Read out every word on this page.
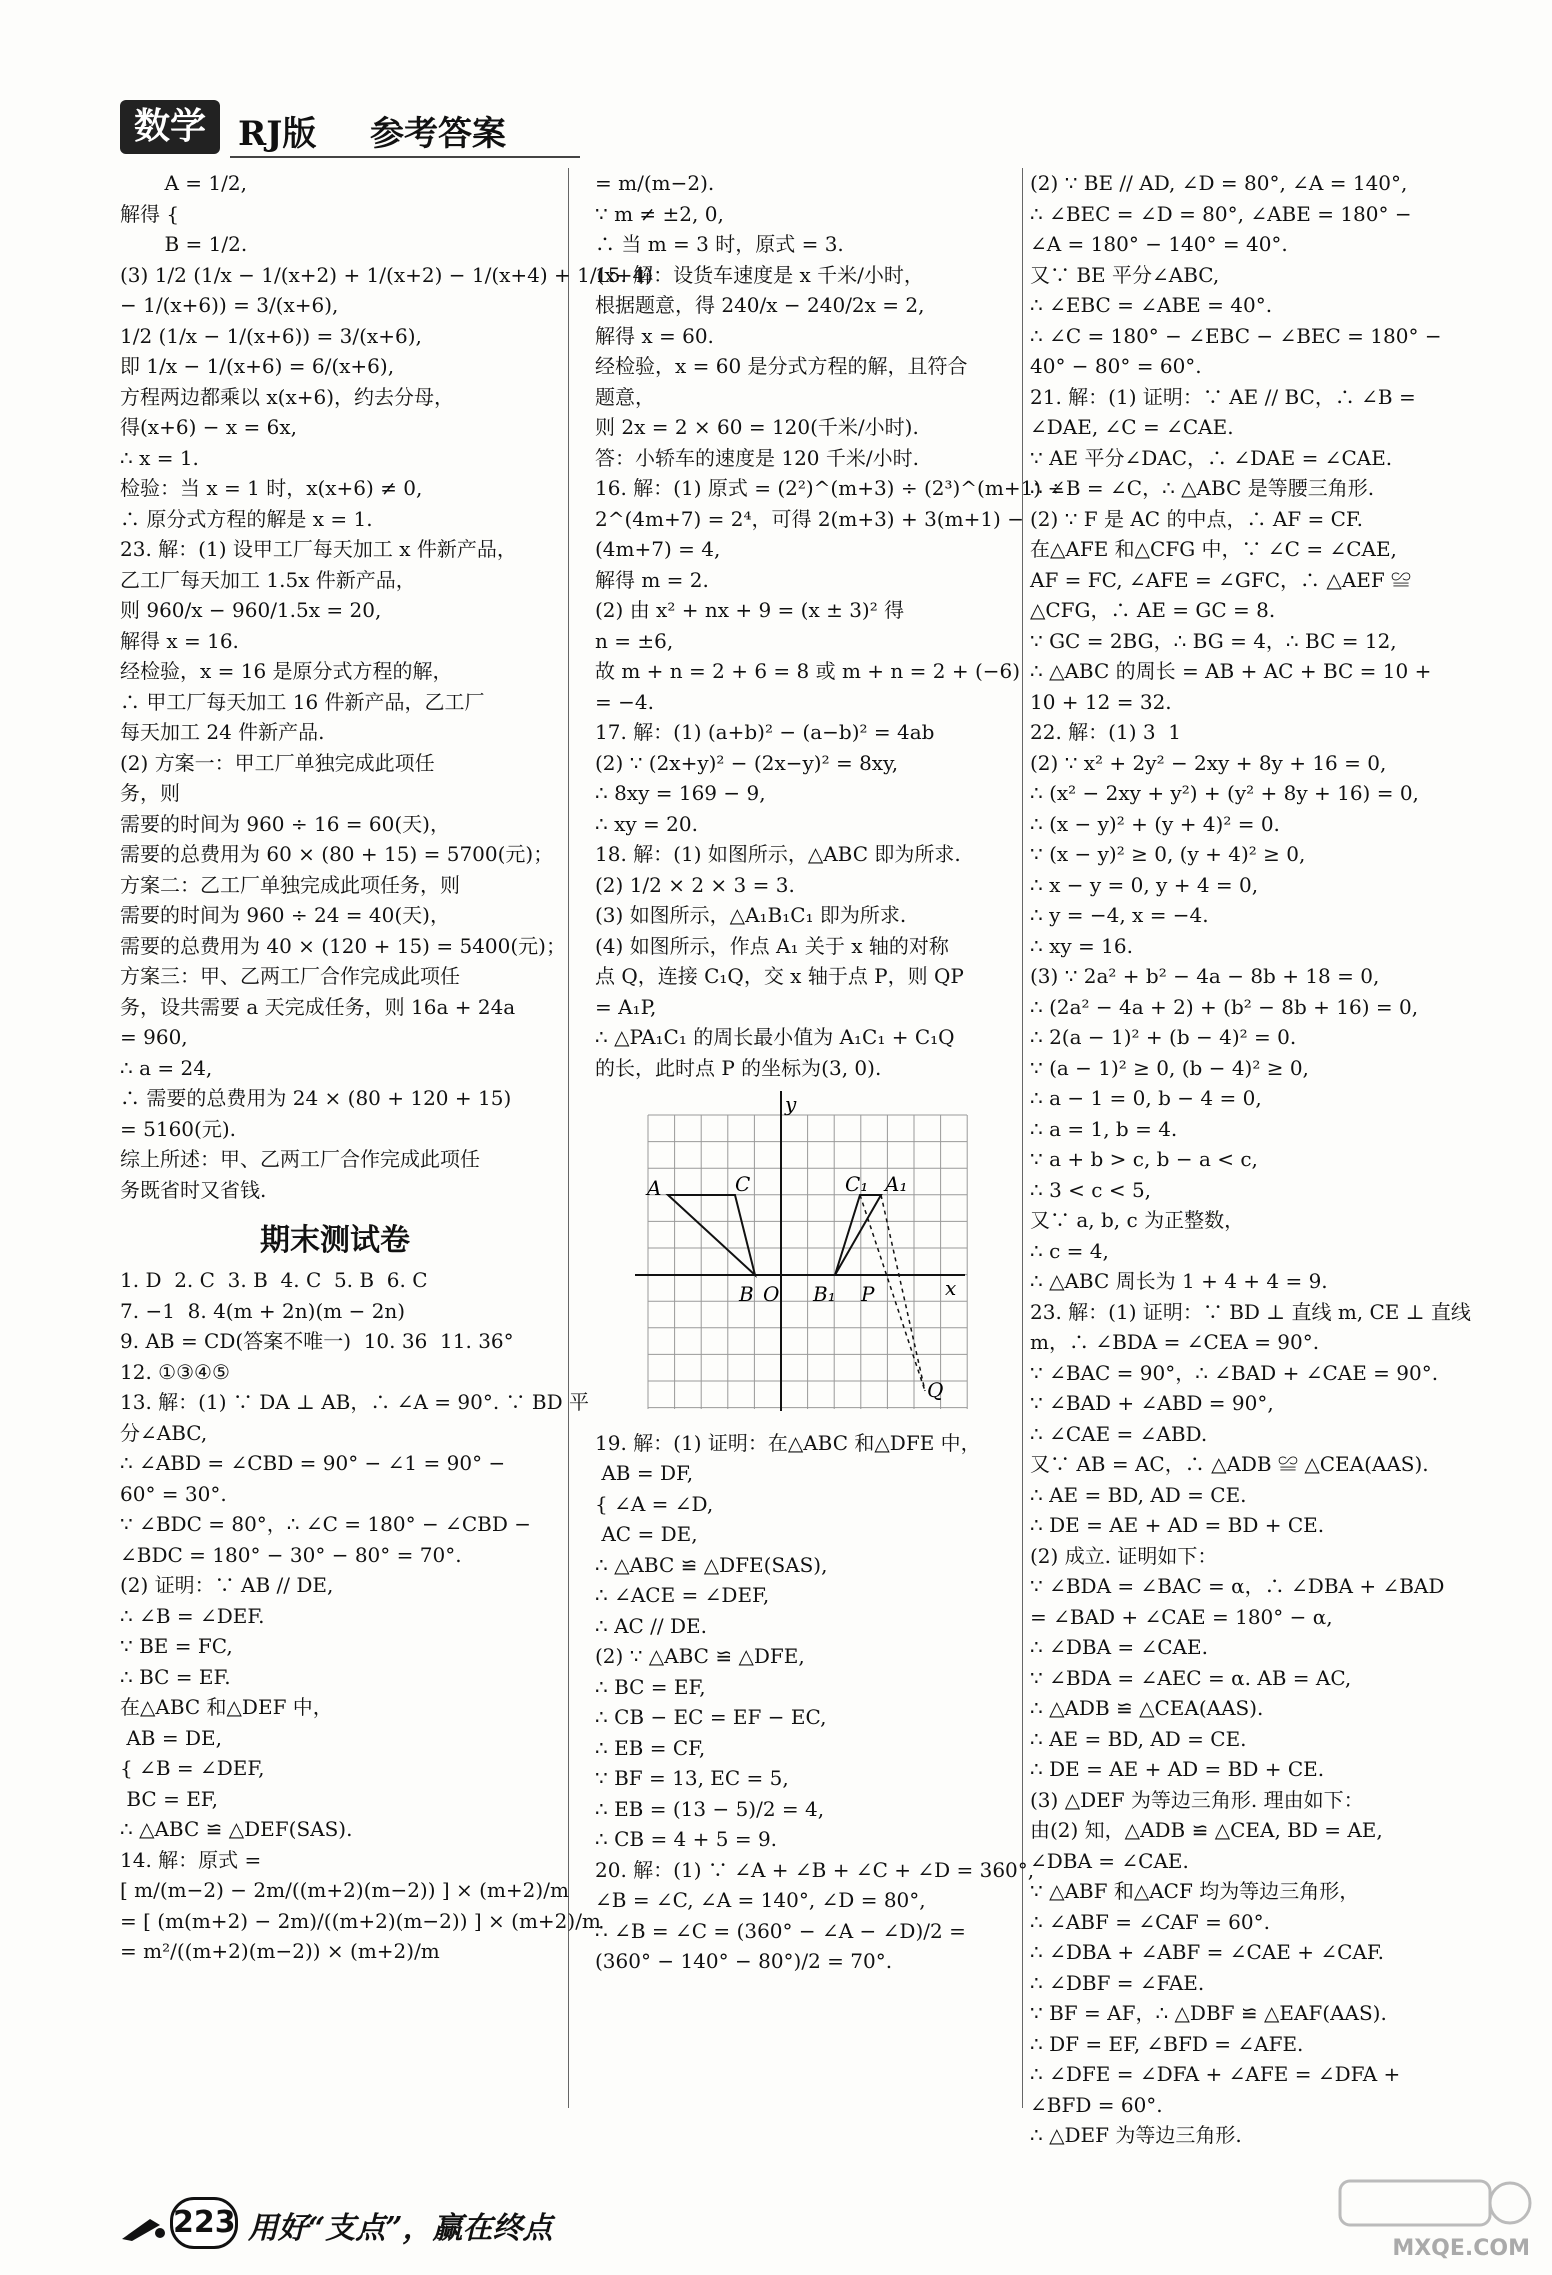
数学 RJ版 参考答案
A = 1/2,
解得 {
B = 1/2.
(3) 1/2 (1/x − 1/(x+2) + 1/(x+2) − 1/(x+4) + 1/(x+4)
− 1/(x+6)) = 3/(x+6),
1/2 (1/x − 1/(x+6)) = 3/(x+6),
即 1/x − 1/(x+6) = 6/(x+6),
方程两边都乘以 x(x+6)，约去分母，
得(x+6) − x = 6x,
∴ x = 1.
检验：当 x = 1 时，x(x+6) ≠ 0,
∴ 原分式方程的解是 x = 1.
23. 解：(1) 设甲工厂每天加工 x 件新产品，
乙工厂每天加工 1.5x 件新产品，
则 960/x − 960/1.5x = 20,
解得 x = 16.
经检验，x = 16 是原分式方程的解，
∴ 甲工厂每天加工 16 件新产品，乙工厂
每天加工 24 件新产品.
(2) 方案一：甲工厂单独完成此项任
务，则
需要的时间为 960 ÷ 16 = 60(天)，
需要的总费用为 60 × (80 + 15) = 5700(元)；
方案二：乙工厂单独完成此项任务，则
需要的时间为 960 ÷ 24 = 40(天)，
需要的总费用为 40 × (120 + 15) = 5400(元)；
方案三：甲、乙两工厂合作完成此项任
务，设共需要 a 天完成任务，则 16a + 24a
= 960,
∴ a = 24,
∴ 需要的总费用为 24 × (80 + 120 + 15)
= 5160(元).
综上所述：甲、乙两工厂合作完成此项任
务既省时又省钱.
期末测试卷
1. D  2. C  3. B  4. C  5. B  6. C
7. −1  8. 4(m + 2n)(m − 2n)
9. AB = CD(答案不唯一)  10. 36  11. 36°
12. ①③④⑤
13. 解：(1) ∵ DA ⊥ AB，∴ ∠A = 90°. ∵ BD 平
分∠ABC,
∴ ∠ABD = ∠CBD = 90° − ∠1 = 90° −
60° = 30°.
∵ ∠BDC = 80°，∴ ∠C = 180° − ∠CBD −
∠BDC = 180° − 30° − 80° = 70°.
(2) 证明：∵ AB // DE,
∴ ∠B = ∠DEF.
∵ BE = FC,
∴ BC = EF.
在△ABC 和△DEF 中，
AB = DE,
{ ∠B = ∠DEF,
BC = EF,
∴ △ABC ≌ △DEF(SAS).
14. 解：原式 =
[ m/(m−2) − 2m/((m+2)(m−2)) ] × (m+2)/m
= [ (m(m+2) − 2m)/((m+2)(m−2)) ] × (m+2)/m
= m²/((m+2)(m−2)) × (m+2)/m
= m/(m−2).
∵ m ≠ ±2, 0,
∴ 当 m = 3 时，原式 = 3.
15. 解：设货车速度是 x 千米/小时，
根据题意，得 240/x − 240/2x = 2,
解得 x = 60.
经检验，x = 60 是分式方程的解，且符合
题意，
则 2x = 2 × 60 = 120(千米/小时).
答：小轿车的速度是 120 千米/小时.
16. 解：(1) 原式 = (2²)^(m+3) ÷ (2³)^(m+1) ÷
2^(4m+7) = 2⁴，可得 2(m+3) + 3(m+1) −
(4m+7) = 4,
解得 m = 2.
(2) 由 x² + nx + 9 = (x ± 3)² 得
n = ±6,
故 m + n = 2 + 6 = 8 或 m + n = 2 + (−6)
= −4.
17. 解：(1) (a+b)² − (a−b)² = 4ab
(2) ∵ (2x+y)² − (2x−y)² = 8xy,
∴ 8xy = 169 − 9,
∴ xy = 20.
18. 解：(1) 如图所示，△ABC 即为所求.
(2) 1/2 × 2 × 3 = 3.
(3) 如图所示，△A₁B₁C₁ 即为所求.
(4) 如图所示，作点 A₁ 关于 x 轴的对称
点 Q，连接 C₁Q，交 x 轴于点 P，则 QP
= A₁P,
∴ △PA₁C₁ 的周长最小值为 A₁C₁ + C₁Q
的长，此时点 P 的坐标为(3, 0).
y
x
A	C	C₁ A₁
B O B₁ P
Q
19. 解：(1) 证明：在△ABC 和△DFE 中，
AB = DF,
{ ∠A = ∠D,
AC = DE,
∴ △ABC ≌ △DFE(SAS),
∴ ∠ACE = ∠DEF,
∴ AC // DE.
(2) ∵ △ABC ≌ △DFE,
∴ BC = EF,
∴ CB − EC = EF − EC,
∴ EB = CF,
∵ BF = 13, EC = 5,
∴ EB = (13 − 5)/2 = 4,
∴ CB = 4 + 5 = 9.
20. 解：(1) ∵ ∠A + ∠B + ∠C + ∠D = 360°,
∠B = ∠C, ∠A = 140°, ∠D = 80°,
∴ ∠B = ∠C = (360° − ∠A − ∠D)/2 =
(360° − 140° − 80°)/2 = 70°.
(2) ∵ BE // AD, ∠D = 80°, ∠A = 140°,
∴ ∠BEC = ∠D = 80°, ∠ABE = 180° −
∠A = 180° − 140° = 40°.
又∵ BE 平分∠ABC,
∴ ∠EBC = ∠ABE = 40°.
∴ ∠C = 180° − ∠EBC − ∠BEC = 180° −
40° − 80° = 60°.
21. 解：(1) 证明：∵ AE // BC，∴ ∠B =
∠DAE, ∠C = ∠CAE.
∵ AE 平分∠DAC，∴ ∠DAE = ∠CAE.
∴ ∠B = ∠C，∴ △ABC 是等腰三角形.
(2) ∵ F 是 AC 的中点，∴ AF = CF.
在△AFE 和△CFG 中，∵ ∠C = ∠CAE,
AF = FC, ∠AFE = ∠GFC，∴ △AEF ≌
△CFG，∴ AE = GC = 8.
∵ GC = 2BG，∴ BG = 4，∴ BC = 12,
∴ △ABC 的周长 = AB + AC + BC = 10 +
10 + 12 = 32.
22. 解：(1) 3  1
(2) ∵ x² + 2y² − 2xy + 8y + 16 = 0,
∴ (x² − 2xy + y²) + (y² + 8y + 16) = 0,
∴ (x − y)² + (y + 4)² = 0.
∵ (x − y)² ≥ 0, (y + 4)² ≥ 0,
∴ x − y = 0, y + 4 = 0,
∴ y = −4, x = −4.
∴ xy = 16.
(3) ∵ 2a² + b² − 4a − 8b + 18 = 0,
∴ (2a² − 4a + 2) + (b² − 8b + 16) = 0,
∴ 2(a − 1)² + (b − 4)² = 0.
∵ (a − 1)² ≥ 0, (b − 4)² ≥ 0,
∴ a − 1 = 0, b − 4 = 0,
∴ a = 1, b = 4.
∵ a + b > c, b − a < c,
∴ 3 < c < 5,
又∵ a, b, c 为正整数，
∴ c = 4,
∴ △ABC 周长为 1 + 4 + 4 = 9.
23. 解：(1) 证明：∵ BD ⊥ 直线 m, CE ⊥ 直线
m，∴ ∠BDA = ∠CEA = 90°.
∵ ∠BAC = 90°，∴ ∠BAD + ∠CAE = 90°.
∵ ∠BAD + ∠ABD = 90°,
∴ ∠CAE = ∠ABD.
又∵ AB = AC，∴ △ADB ≌ △CEA(AAS).
∴ AE = BD, AD = CE.
∴ DE = AE + AD = BD + CE.
(2) 成立. 证明如下：
∵ ∠BDA = ∠BAC = α，∴ ∠DBA + ∠BAD
= ∠BAD + ∠CAE = 180° − α,
∴ ∠DBA = ∠CAE.
∵ ∠BDA = ∠AEC = α. AB = AC,
∴ △ADB ≌ △CEA(AAS).
∴ AE = BD, AD = CE.
∴ DE = AE + AD = BD + CE.
(3) △DEF 为等边三角形. 理由如下：
由(2) 知，△ADB ≌ △CEA, BD = AE,
∠DBA = ∠CAE.
∵ △ABF 和△ACF 均为等边三角形，
∴ ∠ABF = ∠CAF = 60°.
∴ ∠DBA + ∠ABF = ∠CAE + ∠CAF.
∴ ∠DBF = ∠FAE.
∵ BF = AF，∴ △DBF ≌ △EAF(AAS).
∴ DF = EF, ∠BFD = ∠AFE.
∴ ∠DFE = ∠DFA + ∠AFE = ∠DFA +
∠BFD = 60°.
∴ △DEF 为等边三角形.
223 用好“支点”，赢在终点
MXQE.COM
